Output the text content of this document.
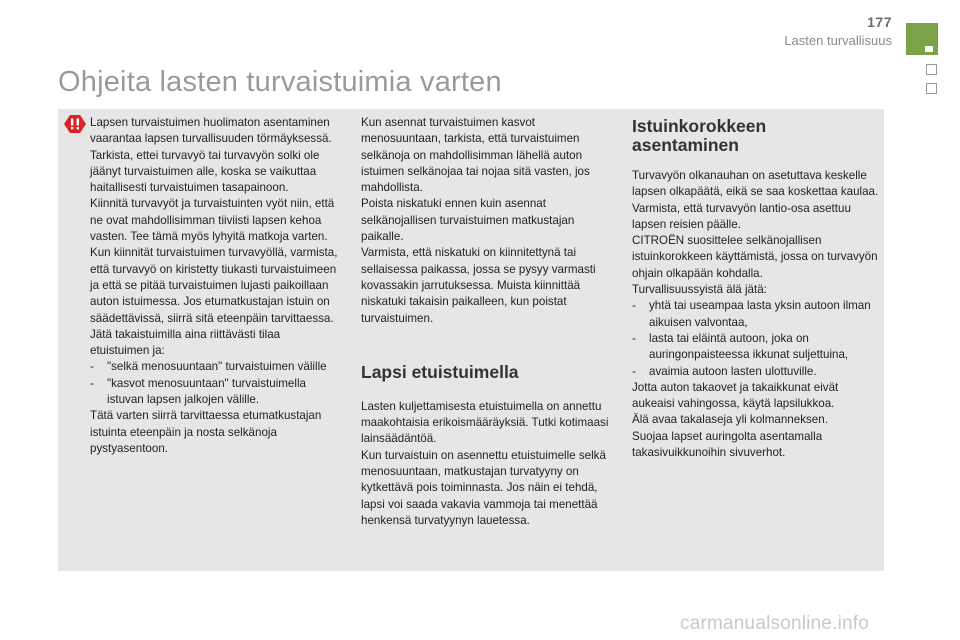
177
Lasten turvallisuus
Ohjeita lasten turvaistuimia varten

Lapsen turvaistuimen huolimaton asentaminen vaarantaa lapsen turvallisuuden törmäyksessä.

Tarkista, ettei turvavyö tai turvavyön solki ole jäänyt turvaistuimen alle, koska se vaikuttaa haitallisesti turvaistuimen tasapainoon.

Kiinnitä turvavyöt ja turvaistuinten vyöt niin, että ne ovat mahdollisimman tiiviisti lapsen kehoa vasten. Tee tämä myös lyhyitä matkoja varten.

Kun kiinnität turvaistuimen turvavyöllä, varmista, että turvavyö on kiristetty tiukasti turvaistuimeen ja että se pitää turvaistuimen lujasti paikoillaan auton istuimessa. Jos etumatkustajan istuin on säädettävissä, siirrä sitä eteenpäin tarvittaessa.

Jätä takaistuimilla aina riittävästi tilaa etuistuimen ja:

- "selkä menosuuntaan" turvaistuimen välille

- "kasvot menosuuntaan" turvaistuimella istuvan lapsen jalkojen välille.

Tätä varten siirrä tarvittaessa etumatkustajan istuinta eteenpäin ja nosta selkänoja pystyasentoon.

Kun asennat turvaistuimen kasvot menosuuntaan, tarkista, että turvaistuimen selkänoja on mahdollisimman lähellä auton istuimen selkänojaa tai nojaa sitä vasten, jos mahdollista.

Poista niskatuki ennen kuin asennat selkänojallisen turvaistuimen matkustajan paikalle.

Varmista, että niskatuki on kiinnitettynä tai sellaisessa paikassa, jossa se pysyy varmasti kovassakin jarrutuksessa. Muista kiinnittää niskatuki takaisin paikalleen, kun poistat turvaistuimen.

Lapsi etuistuimella

Lasten kuljettamisesta etuistuimella on annettu maakohtaisia erikoismääräyksiä. Tutki kotimaasi lainsäädäntöä.

Kun turvaistuin on asennettu etuistuimelle selkä menosuuntaan, matkustajan turvatyyny on kytkettävä pois toiminnasta. Jos näin ei tehdä, lapsi voi saada vakavia vammoja tai menettää henkensä turvatyynyn lauetessa.

Istuinkorokkeen
asentaminen

Turvavyön olkanauhan on asetuttava keskelle lapsen olkapäätä, eikä se saa koskettaa kaulaa.

Varmista, että turvavyön lantio-osa asettuu lapsen reisien päälle.

CITROËN suosittelee selkänojallisen istuinkorokkeen käyttämistä, jossa on turvavyön ohjain olkapään kohdalla.

Turvallisuussyistä älä jätä:

- yhtä tai useampaa lasta yksin autoon ilman aikuisen valvontaa,

- lasta tai eläintä autoon, joka on auringonpaisteessa ikkunat suljettuina,

- avaimia autoon lasten ulottuville.

Jotta auton takaovet ja takaikkunat eivät aukeaisi vahingossa, käytä lapsilukkoa.

Älä avaa takalaseja yli kolmanneksen.

Suojaa lapset auringolta asentamalla takasivuikkunoihin sivuverhot.

carmanualsonline.info
